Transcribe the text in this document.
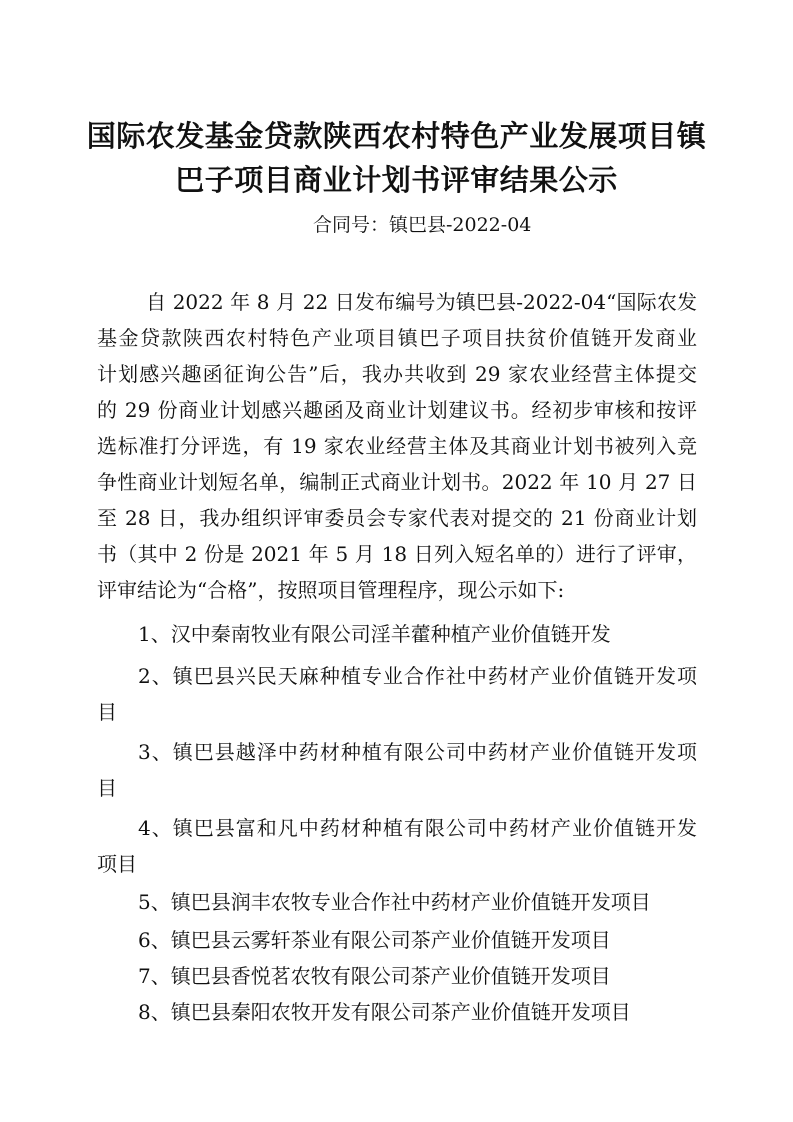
国际农发基金贷款陕西农村特色产业发展项目镇
巴子项目商业计划书评审结果公示
合同号：镇巴县-2022-04
自 2022 年 8 月 22 日发布编号为镇巴县-2022-04“国际农发
基金贷款陕西农村特色产业项目镇巴子项目扶贫价值链开发商业
计划感兴趣函征询公告”后，我办共收到 29 家农业经营主体提交
的 29 份商业计划感兴趣函及商业计划建议书。经初步审核和按评
选标准打分评选，有 19 家农业经营主体及其商业计划书被列入竞
争性商业计划短名单，编制正式商业计划书。2022 年 10 月 27 日
至 28 日，我办组织评审委员会专家代表对提交的 21 份商业计划
书（其中 2 份是 2021 年 5 月 18 日列入短名单的）进行了评审，
评审结论为“合格”，按照项目管理程序，现公示如下:
1、汉中秦南牧业有限公司淫羊藿种植产业价值链开发
2、镇巴县兴民天麻种植专业合作社中药材产业价值链开发项
目
3、镇巴县越泽中药材种植有限公司中药材产业价值链开发项
目
4、镇巴县富和凡中药材种植有限公司中药材产业价值链开发
项目
5、镇巴县润丰农牧专业合作社中药材产业价值链开发项目
6、镇巴县云雾轩茶业有限公司茶产业价值链开发项目
7、镇巴县香悦茗农牧有限公司茶产业价值链开发项目
8、镇巴县秦阳农牧开发有限公司茶产业价值链开发项目
